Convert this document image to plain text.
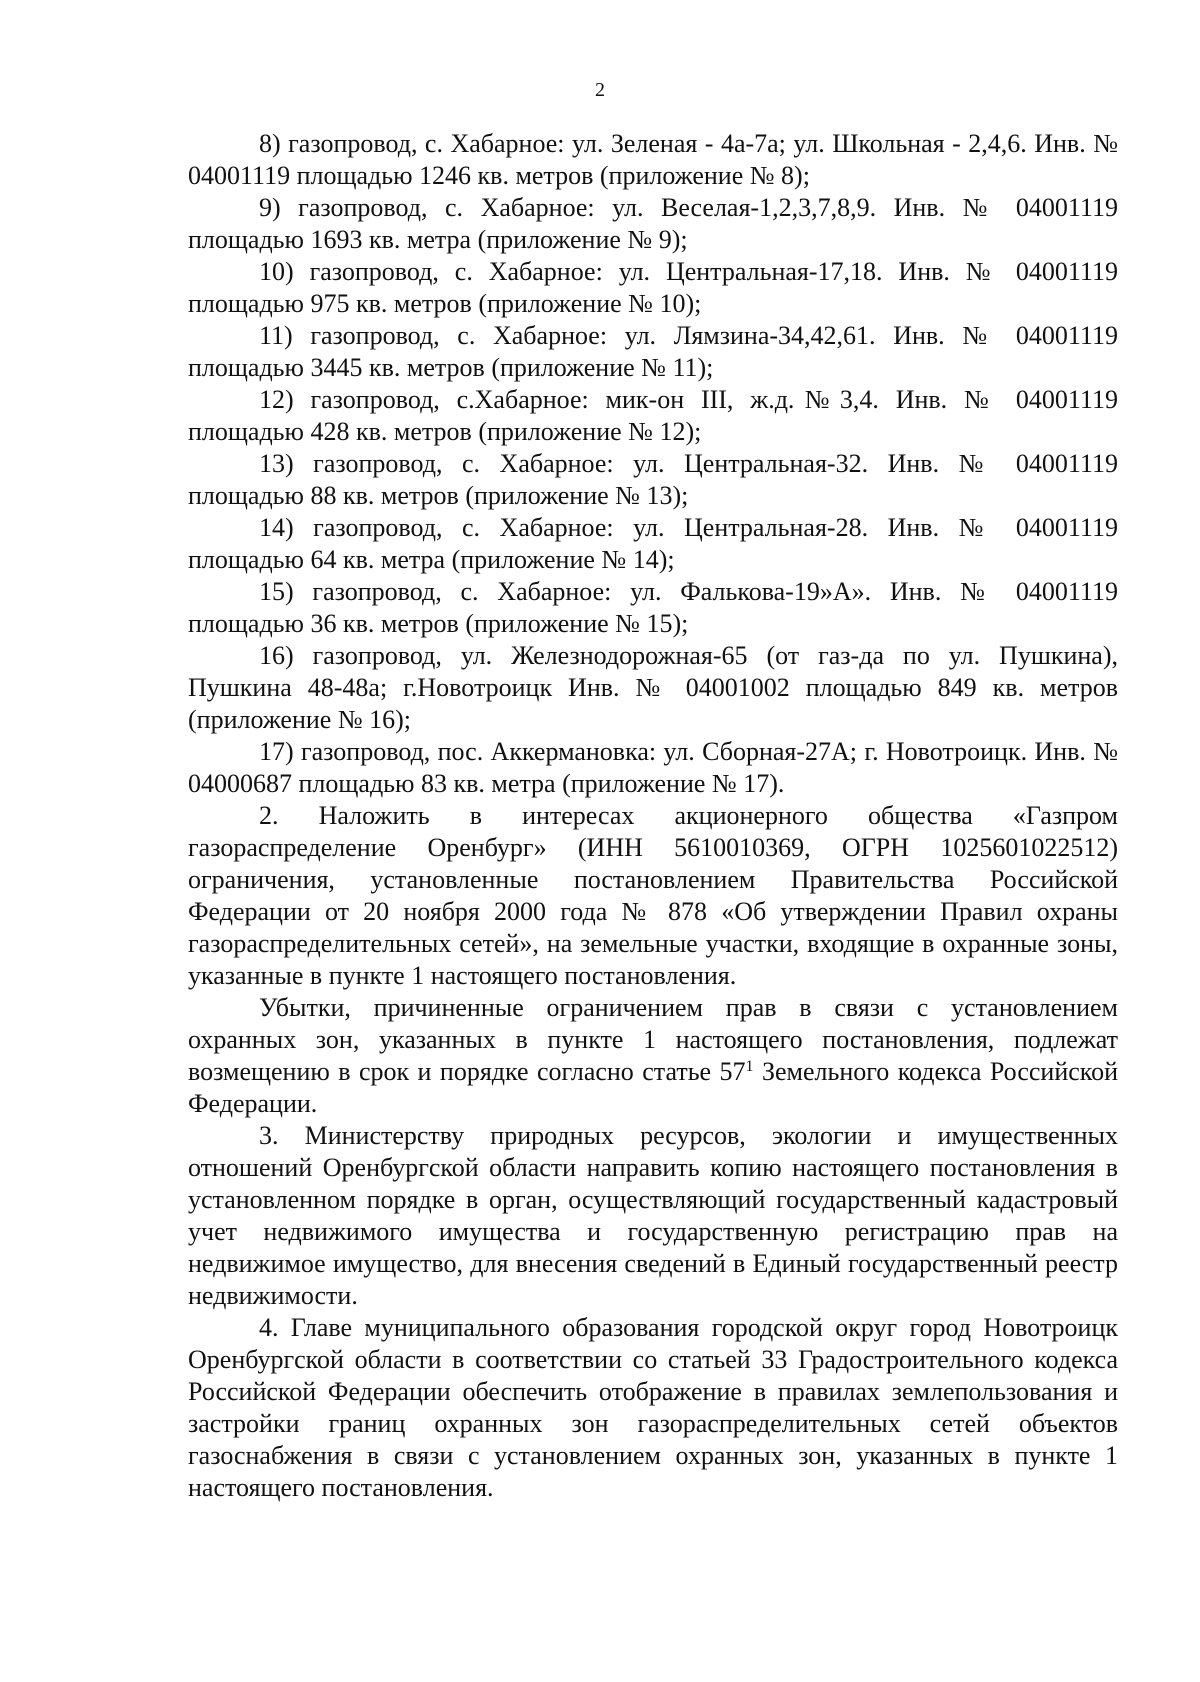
2

8) газопровод, с. Хабарное: ул. Зеленая - 4а-7а; ул. Школьная - 2,4,6. Инв. № 04001119 площадью 1246 кв. метров (приложение № 8);

9) газопровод, с. Хабарное: ул. Веселая-1,2,3,7,8,9. Инв. № 04001119 площадью 1693 кв. метра (приложение № 9);

10) газопровод, с. Хабарное: ул. Центральная-17,18. Инв. № 04001119 площадью 975 кв. метров (приложение № 10);

11) газопровод, с. Хабарное: ул. Лямзина-34,42,61. Инв. № 04001119 площадью 3445 кв. метров (приложение № 11);

12) газопровод, с.Хабарное: мик-он III, ж.д.№3,4. Инв. № 04001119 площадью 428 кв. метров (приложение № 12);

13) газопровод, с. Хабарное: ул. Центральная-32. Инв. № 04001119 площадью 88 кв. метров (приложение № 13);

14) газопровод, с. Хабарное: ул. Центральная-28. Инв. № 04001119 площадью 64 кв. метра (приложение № 14);

15) газопровод, с. Хабарное: ул. Фалькова-19»А». Инв. № 04001119 площадью 36 кв. метров (приложение № 15);

16) газопровод, ул. Железнодорожная-65 (от газ-да по ул. Пушкина), Пушкина 48-48а; г.Новотроицк Инв. № 04001002 площадью 849 кв. метров (приложение № 16);

17) газопровод, пос. Аккермановка: ул. Сборная-27А; г. Новотроицк. Инв. № 04000687 площадью 83 кв. метра (приложение № 17).

2. Наложить в интересах акционерного общества «Газпром газораспределение Оренбург» (ИНН 5610010369, ОГРН 1025601022512) ограничения, установленные постановлением Правительства Российской Федерации от 20 ноября 2000 года № 878 «Об утверждении Правил охраны газораспределительных сетей», на земельные участки, входящие в охранные зоны, указанные в пункте 1 настоящего постановления.

Убытки, причиненные ограничением прав в связи с установлением охранных зон, указанных в пункте 1 настоящего постановления, подлежат возмещению в срок и порядке согласно статье $57^1$ Земельного кодекса Российской Федерации.

3. Министерству природных ресурсов, экологии и имущественных отношений Оренбургской области направить копию настоящего постановления в установленном порядке в орган, осуществляющий государственный кадастровый учет недвижимого имущества и государственную регистрацию прав на недвижимое имущество, для внесения сведений в Единый государственный реестр недвижимости.

4. Главе муниципального образования городской округ город Новотроицк Оренбургской области в соответствии со статьей 33 Градостроительного кодекса Российской Федерации обеспечить отображение в правилах землепользования и застройки границ охранных зон газораспределительных сетей объектов газоснабжения в связи с установлением охранных зон, указанных в пункте 1 настоящего постановления.
